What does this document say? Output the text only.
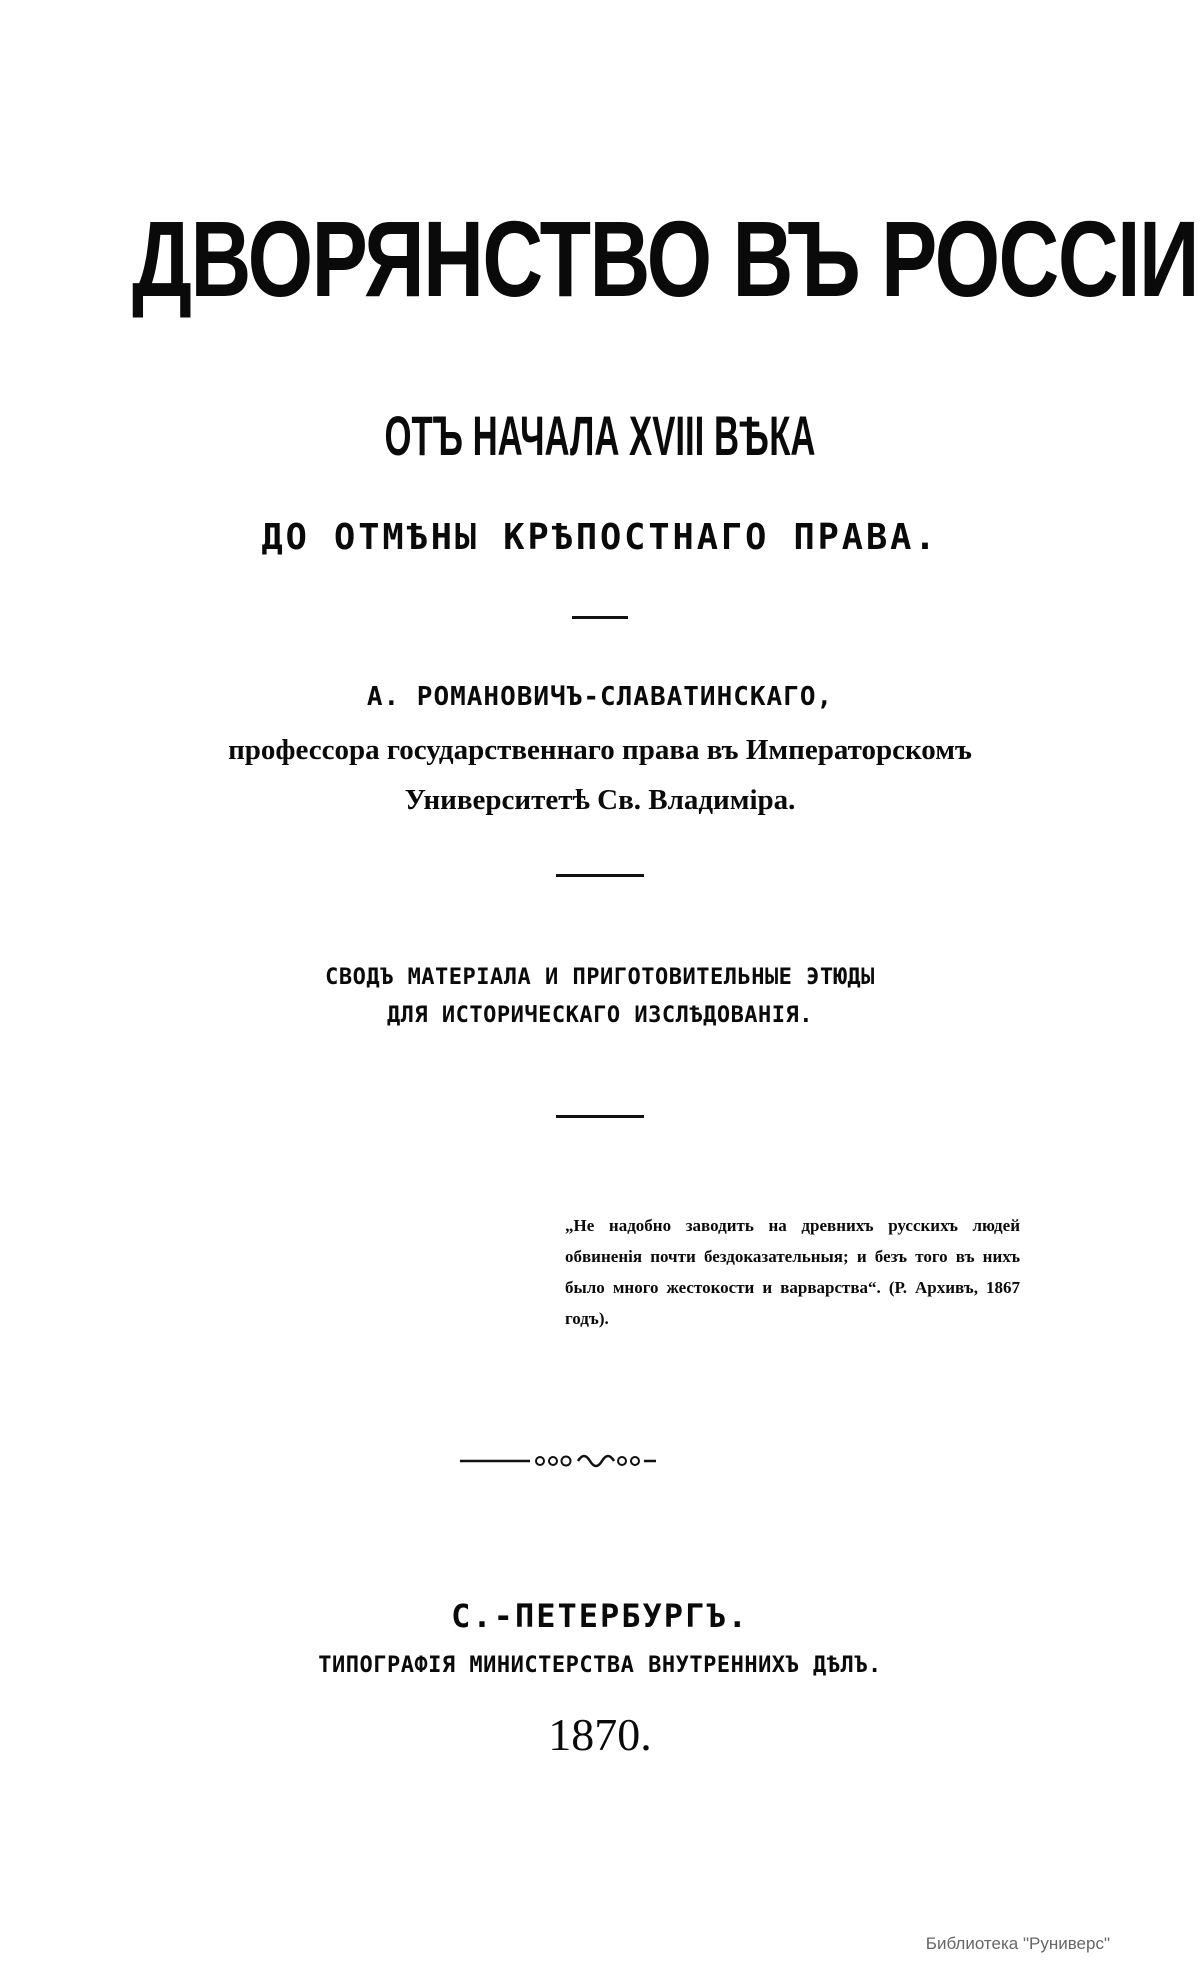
ДВОРЯНСТВО ВЪ РОССІИ
ОТЪ НАЧАЛА XVIII ВѢКА
ДО ОТМѢНЫ КРѢПОСТНАГО ПРАВА.
А. РОМАНОВИЧЪ-СЛАВАТИНСКАГО,
профессора государственнаго права въ Императорскомъ
Университетѣ Св. Владиміра.
СВОДЪ МАТЕРІАЛА И ПРИГОТОВИТЕЛЬНЫЕ ЭТЮДЫ
ДЛЯ ИСТОРИЧЕСКАГО ИЗСЛѢДОВАНІЯ.
„Не надобно заводить на древнихъ русскихъ людей обвиненія почти бездоказательныя; и безъ того въ нихъ было много жестокости и варварства“. (Р. Архивъ, 1867 годъ).
С.-ПЕТЕРБУРГЪ.
ТИПОГРАФІЯ МИНИСТЕРСТВА ВНУТРЕННИХЪ ДѢЛЪ.
1870.
Библиотека "Руниверс"
